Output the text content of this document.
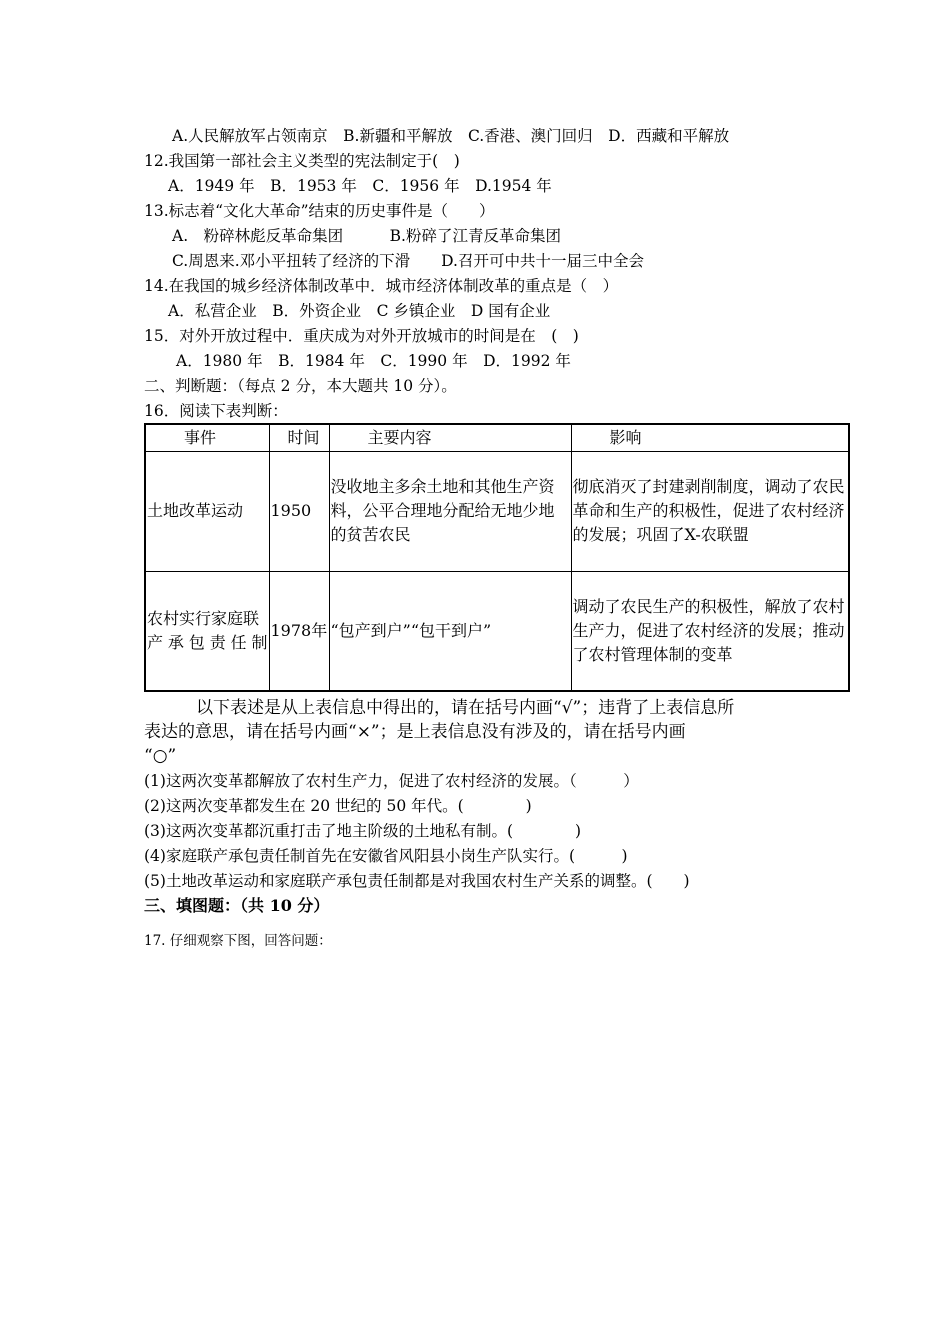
A.人民解放军占领南京　B.新疆和平解放　C.香港、澳门回归　D．西藏和平解放
12.我国第一部社会主义类型的宪法制定于(　)
A．1949 年　B．1953 年　C．1956 年　D.1954 年
13.标志着“文化大革命”结束的历史事件是（　　）
A.　粉碎林彪反革命集团　　　B.粉碎了江青反革命集团
C.周恩来.邓小平扭转了经济的下滑　　D.召开可中共十一届三中全会
14.在我国的城乡经济体制改革中．城市经济体制改革的重点是（　）
A．私营企业　B．外资企业　C 乡镇企业　D 国有企业
15．对外开放过程中．重庆成为对外开放城市的时间是在　(　)
A．1980 年　B．1984 年　C．1990 年　D．1992 年
二、判断题：（每点 2 分，本大题共 10 分）。
16．阅读下表判断：
事件	时间	主要内容	影响
土地改革运动	1950	没收地主多余土地和其他生产资料，公平合理地分配给无地少地的贫苦农民	彻底消灭了封建剥削制度，调动了农民革命和生产的积极性，促进了农村经济的发展；巩固了X-农联盟
农村实行家庭联产承包责任制	1978年	“包产到户”“包干到户”	调动了农民生产的积极性，解放了农村生产力，促进了农村经济的发展；推动了农村管理体制的变革
以下表述是从上表信息中得出的，请在括号内画“√”；违背了上表信息所
表达的意思，请在括号内画“×”；是上表信息没有涉及的，请在括号内画
“○”
(1)这两次变革都解放了农村生产力，促进了农村经济的发展。（　　　）
(2)这两次变革都发生在 20 世纪的 50 年代。(　　　　)
(3)这两次变革都沉重打击了地主阶级的土地私有制。(　　　　)
(4)家庭联产承包责任制首先在安徽省风阳县小岗生产队实行。(　　　)
(5)土地改革运动和家庭联产承包责任制都是对我国农村生产关系的调整。(　　)
三、填图题：（共 10 分）
17. 仔细观察下图，回答问题：
